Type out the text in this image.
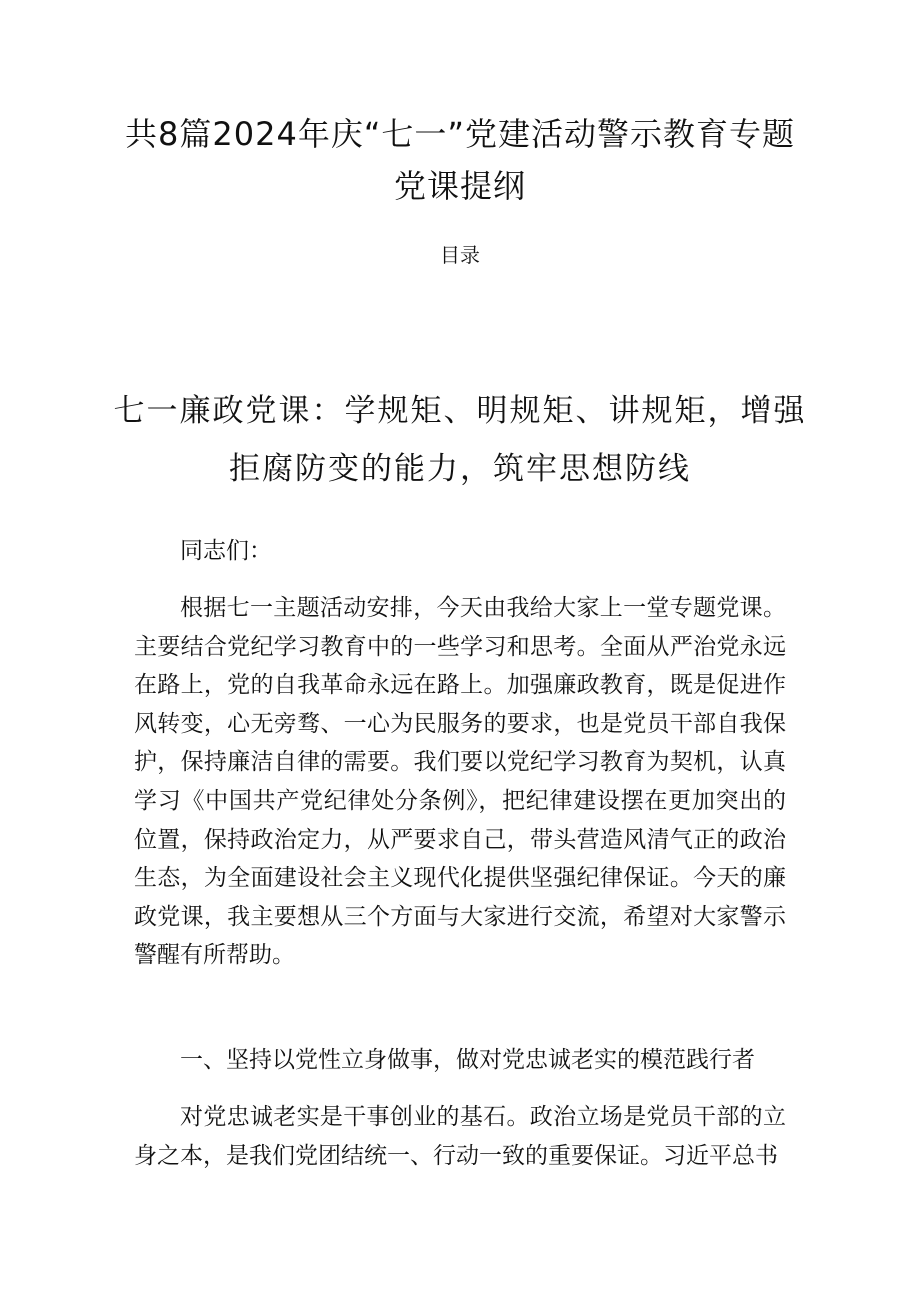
共8篇2024年庆“七一”党建活动警示教育专题党课提纲
目录
七一廉政党课：学规矩、明规矩、讲规矩，增强拒腐防变的能力，筑牢思想防线

同志们：

根据七一主题活动安排，今天由我给大家上一堂专题党课。主要结合党纪学习教育中的一些学习和思考。全面从严治党永远在路上，党的自我革命永远在路上。加强廉政教育，既是促进作风转变，心无旁骛、一心为民服务的要求，也是党员干部自我保护，保持廉洁自律的需要。我们要以党纪学习教育为契机，认真学习《中国共产党纪律处分条例》，把纪律建设摆在更加突出的位置，保持政治定力，从严要求自己，带头营造风清气正的政治生态，为全面建设社会主义现代化提供坚强纪律保证。今天的廉政党课，我主要想从三个方面与大家进行交流，希望对大家警示警醒有所帮助。

一、坚持以党性立身做事，做对党忠诚老实的模范践行者

对党忠诚老实是干事创业的基石。政治立场是党员干部的立身之本，是我们党团结统一、行动一致的重要保证。习近平总书
